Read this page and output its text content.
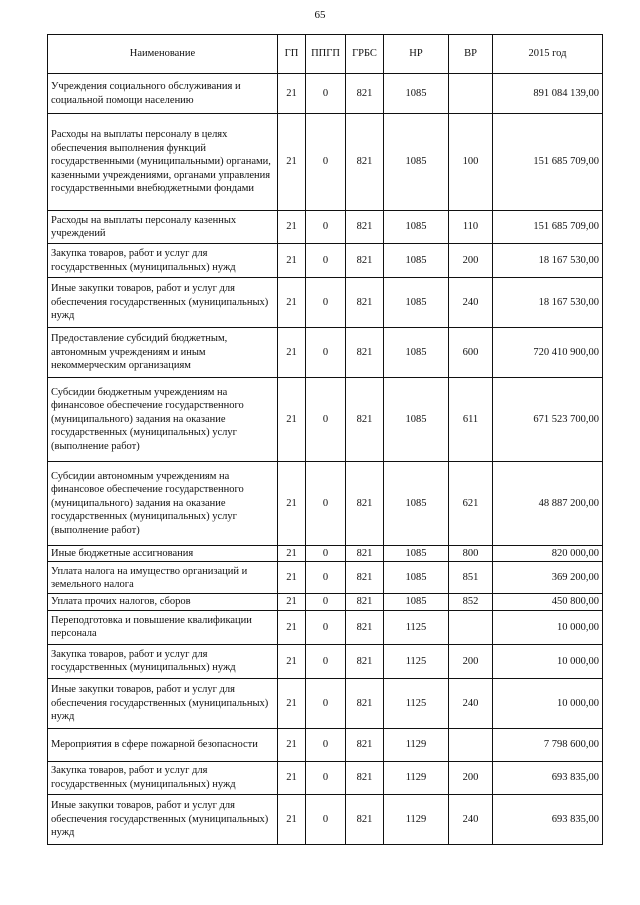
65
Наименование	ГП	ППГП	ГРБС	НР	ВР	2015 год
Учреждения социального обслуживания и социальной помощи населению	21	0	821	1085		891 084 139,00
Расходы на выплаты персоналу в целях обеспечения выполнения функций государственными (муниципальными) органами, казенными учреждениями, органами управления государственными внебюджетными фондами	21	0	821	1085	100	151 685 709,00
Расходы на выплаты персоналу казенных учреждений	21	0	821	1085	110	151 685 709,00
Закупка товаров, работ и услуг для государственных (муниципальных) нужд	21	0	821	1085	200	18 167 530,00
Иные закупки товаров, работ и услуг для обеспечения государственных (муниципальных) нужд	21	0	821	1085	240	18 167 530,00
Предоставление субсидий бюджетным, автономным учреждениям и иным некоммерческим организациям	21	0	821	1085	600	720 410 900,00
Субсидии бюджетным учреждениям на финансовое обеспечение государственного (муниципального) задания на оказание государственных (муниципальных) услуг (выполнение работ)	21	0	821	1085	611	671 523 700,00
Субсидии автономным учреждениям на финансовое обеспечение государственного (муниципального) задания на оказание государственных (муниципальных) услуг (выполнение работ)	21	0	821	1085	621	48 887 200,00
Иные бюджетные ассигнования	21	0	821	1085	800	820 000,00
Уплата налога на имущество организаций и земельного налога	21	0	821	1085	851	369 200,00
Уплата прочих налогов, сборов	21	0	821	1085	852	450 800,00
Переподготовка и повышение квалификации персонала	21	0	821	1125		10 000,00
Закупка товаров, работ и услуг для государственных (муниципальных) нужд	21	0	821	1125	200	10 000,00
Иные закупки товаров, работ и услуг для обеспечения государственных (муниципальных) нужд	21	0	821	1125	240	10 000,00
Мероприятия в сфере пожарной безопасности	21	0	821	1129		7 798 600,00
Закупка товаров, работ и услуг для государственных (муниципальных) нужд	21	0	821	1129	200	693 835,00
Иные закупки товаров, работ и услуг для обеспечения государственных (муниципальных) нужд	21	0	821	1129	240	693 835,00
